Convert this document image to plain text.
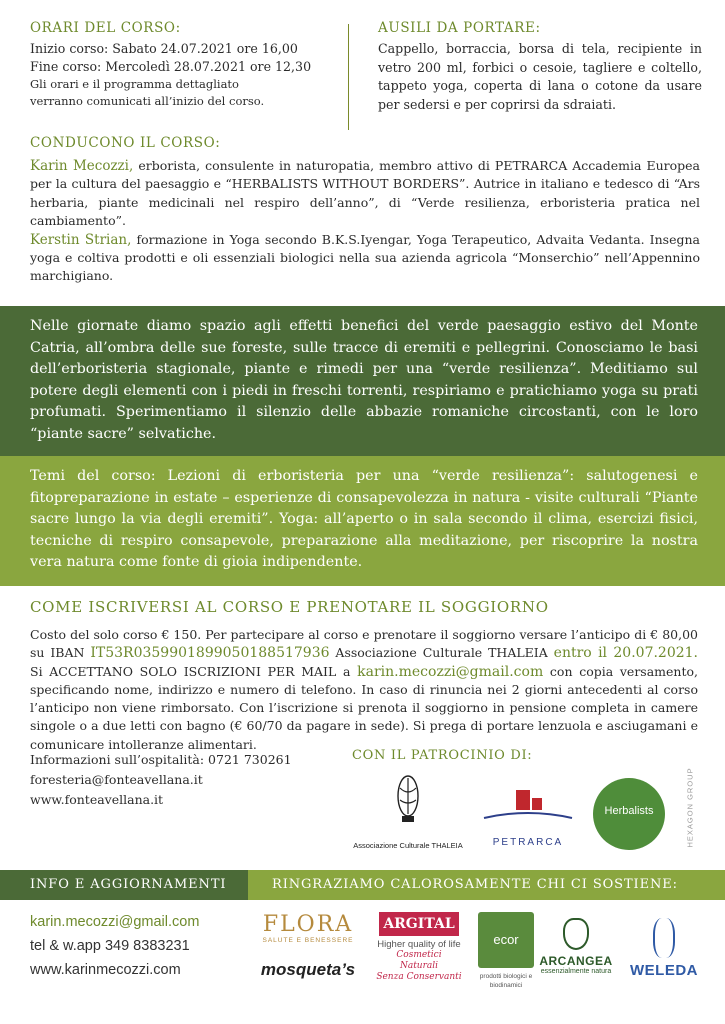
ORARI DEL CORSO:
Inizio corso: Sabato 24.07.2021 ore 16,00
Fine corso: Mercoledì 28.07.2021 ore 12,30
Gli orari e il programma dettagliato
verranno comunicati all’inizio del corso.
AUSILI DA PORTARE:
Cappello, borraccia, borsa di tela, recipiente in vetro 200 ml, forbici o cesoie, tagliere e coltello, tappeto yoga, coperta di lana o cotone da usare per sedersi e per coprirsi da sdraiati.
CONDUCONO IL CORSO:

Karin Mecozzi, erborista, consulente in naturopatia, membro attivo di PETRARCA Accademia Europea per la cultura del paesaggio e “HERBALISTS WITHOUT BORDERS”. Autrice in italiano e tedesco di “Ars herbaria, piante medicinali nel respiro dell’anno”, di “Verde resilienza, erboristeria pratica nel cambiamento”.

Kerstin Strian, formazione in Yoga secondo B.K.S.Iyengar, Yoga Terapeutico, Advaita Vedanta. Insegna yoga e coltiva prodotti e oli essenziali biologici nella sua azienda agricola “Monserchio” nell’Appennino marchigiano.

Nelle giornate diamo spazio agli effetti benefici del verde paesaggio estivo del Monte Catria, all’ombra delle sue foreste, sulle tracce di eremiti e pellegrini. Conosciamo le basi dell’erboristeria stagionale, piante e rimedi per una “verde resilienza”. Meditiamo sul potere degli elementi con i piedi in freschi torrenti, respiriamo e pratichiamo yoga su prati profumati. Sperimentiamo il silenzio delle abbazie romaniche circostanti, con le loro “piante sacre” selvatiche.

Temi del corso: Lezioni di erboristeria per una “verde resilienza”: salutogenesi e fitopreparazione in estate – esperienze di consapevolezza in natura - visite culturali “Piante sacre lungo la via degli eremiti”. Yoga: all’aperto o in sala secondo il clima, esercizi fisici, tecniche di respiro consapevole, preparazione alla meditazione, per riscoprire la nostra vera natura come fonte di gioia indipendente.

COME ISCRIVERSI AL CORSO E PRENOTARE IL SOGGIORNO

Costo del solo corso € 150. Per partecipare al corso e prenotare il soggiorno versare l’anticipo di € 80,00 su IBAN IT53R0359901899050188517936 Associazione Culturale THALEIA entro il 20.07.2021. Si ACCETTANO SOLO ISCRIZIONI PER MAIL a karin.mecozzi@gmail.com con copia versamento, specificando nome, indirizzo e numero di telefono. In caso di rinuncia nei 2 giorni antecedenti al corso l’anticipo non viene rimborsato. Con l’iscrizione si prenota il soggiorno in pensione completa in camere singole o a due letti con bagno (€ 60/70 da pagare in sede). Si prega di portare lenzuola e asciugamani e comunicare intolleranze alimentari.

Informazioni sull’ospitalità: 0721 730261
foresteria@fonteavellana.it
www.fonteavellana.it
CON IL PATROCINIO DI:
Associazione Culturale THALEIA	PETRARCA
Herbalists	HEXAGON GROUP
INFO E AGGIORNAMENTI	RINGRAZIAMO CALOROSAMENTE CHI CI SOSTIENE:
karin.mecozzi@gmail.com
tel & w.app 349 8383231
www.karinmecozzi.com
FLORA
SALUTE E BENESSERE
mosqueta’s
ARGITAL
Higher quality of life
Cosmetici Naturali
Senza Conservanti
ecor
prodotti biologici e biodinamici
ARCANGEA
essenzialmente natura	WELEDA
